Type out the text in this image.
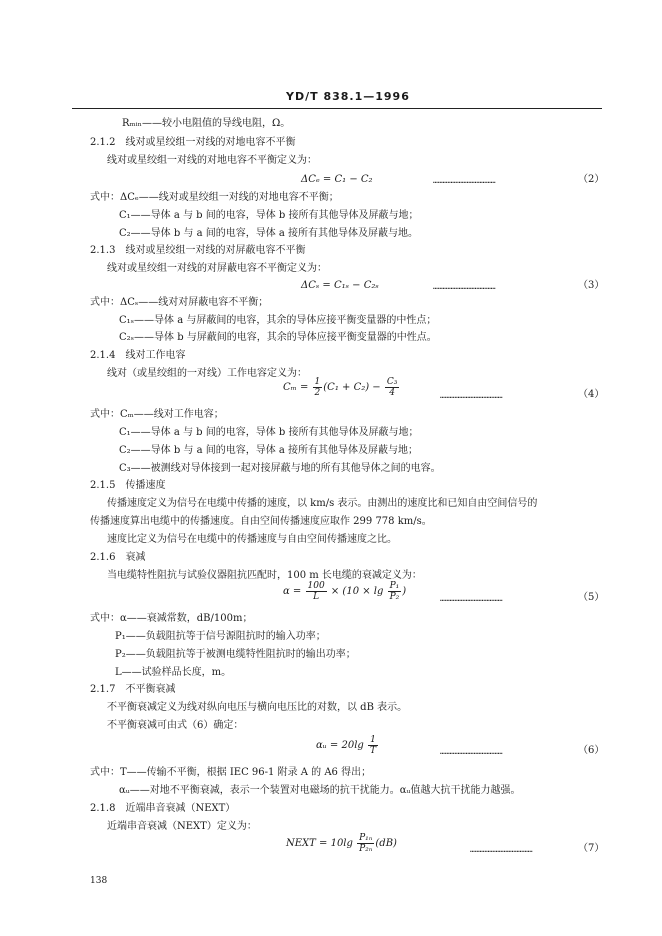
YD/T 838.1—1996
Rₘᵢₙ——较小电阻值的导线电阻，Ω。
2.1.2　线对或星绞组一对线的对地电容不平衡
线对或星绞组一对线的对地电容不平衡定义为：
ΔCₑ = C₁ − C₂	…………………………………	（2）
式中：ΔCₑ——线对或星绞组一对线的对地电容不平衡；
C₁——导体 a 与 b 间的电容，导体 b 接所有其他导体及屏蔽与地；
C₂——导体 b 与 a 间的电容，导体 a 接所有其他导体及屏蔽与地。
2.1.3　线对或星绞组一对线的对屏蔽电容不平衡
线对或星绞组一对线的对屏蔽电容不平衡定义为：
ΔCₛ = C₁ₛ − C₂ₛ	…………………………………	（3）
式中：ΔCₛ——线对对屏蔽电容不平衡；
C₁ₛ——导体 a 与屏蔽间的电容，其余的导体应接平衡变量器的中性点；
C₂ₛ——导体 b 与屏蔽间的电容，其余的导体应接平衡变量器的中性点。
2.1.4　线对工作电容
线对（或星绞组的一对线）工作电容定义为：
$C_m = \frac{1}{2} (C_1 + C_2) - \frac{\text{C₃}}{4}$	…………………………………	（4）
式中：Cₘ——线对工作电容；
C₁——导体 a 与 b 间的电容，导体 b 接所有其他导体及屏蔽与地；
C₂——导体 b 与 a 间的电容，导体 a 接所有其他导体及屏蔽与地；
C₃——被测线对导体接到一起对接屏蔽与地的所有其他导体之间的电容。
2.1.5　传播速度
传播速度定义为信号在电缆中传播的速度，以 km/s 表示。由测出的速度比和已知自由空间信号的
传播速度算出电缆中的传播速度。自由空间传播速度应取作 299 778 km/s。
速度比定义为信号在电缆中的传播速度与自由空间传播速度之比。
2.1.6　衰减
当电缆特性阻抗与试验仪器阻抗匹配时，100 m 长电缆的衰减定义为：
$\alpha = \frac{100}{L} \times (10 \times \lg \frac{\text{P₁}}{\text{P₂}}$ )
…………………………………	（5）
式中：α——衰减常数，dB/100m；
P₁——负载阻抗等于信号源阻抗时的输入功率；
P₂——负载阻抗等于被测电缆特性阻抗时的输出功率；
L——试验样品长度，m。
2.1.7　不平衡衰减
不平衡衰减定义为线对纵向电压与横向电压比的对数，以 dB 表示。
不平衡衰减可由式（6）确定：
αᵤ = $20\lg \frac{1}{T}$	…………………………………	（6）
式中：T——传输不平衡，根据 IEC 96-1 附录 A 的 A6 得出；
αᵤ——对地不平衡衰减，表示一个装置对电磁场的抗干扰能力。αᵤ值越大抗干扰能力越强。
2.1.8　近端串音衰减（NEXT）
近端串音衰减（NEXT）定义为：
NEXT = $10\lg \frac{\text{P₁ₙ}}{\text{P₂ₙ}} (dB)$
…………………………………	（7）
138
